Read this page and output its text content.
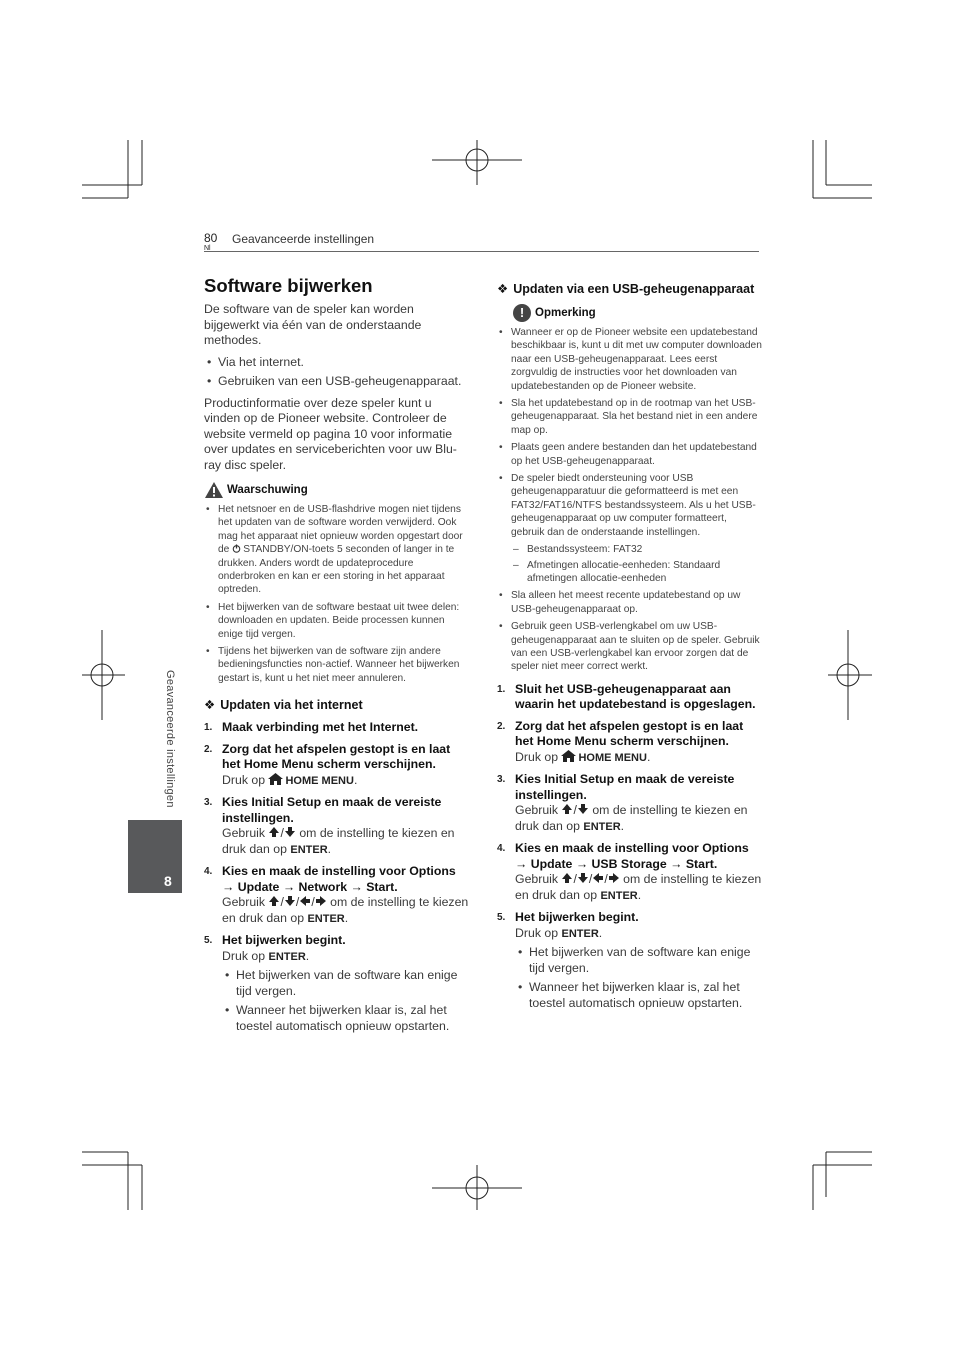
80
Nl
Geavanceerde instellingen
Geavanceerde instellingen
8
Software bijwerken

De software van de speler kan worden bijgewerkt via één van de onderstaande methodes.

• Via het internet.
• Gebruiken van een USB-geheugenapparaat.

Productinformatie over deze speler kunt u vinden op de Pioneer website. Controleer de website vermeld op pagina 10 voor informatie over updates en serviceberichten voor uw Blu-ray disc speler.

Waarschuwing
• Het netsnoer en de USB-flashdrive mogen niet tijdens het updaten van de software worden verwijderd. Ook mag het apparaat niet opnieuw worden opgestart door de STANDBY/ON-toets 5 seconden of langer in te drukken. Anders wordt de updateprocedure onderbroken en kan er een storing in het apparaat optreden.
• Het bijwerken van de software bestaat uit twee delen: downloaden en updaten. Beide processen kunnen enige tijd vergen.
• Tijdens het bijwerken van de software zijn andere bedieningsfuncties non-actief. Wanneer het bijwerken gestart is, kunt u het niet meer annuleren.
❖ Updaten via het internet
1. Maak verbinding met het Internet.
2. Zorg dat het afspelen gestopt is en laat het Home Menu scherm verschijnen.
Druk op HOME MENU.
3. Kies Initial Setup en maak de vereiste instellingen.
Gebruik / om de instelling te kiezen en druk dan op ENTER.
4. Kies en maak de instelling voor Options → Update → Network → Start.
Gebruik / / / om de instelling te kiezen en druk dan op ENTER.
5. Het bijwerken begint.
Druk op ENTER.
• Het bijwerken van de software kan enige tijd vergen.
• Wanneer het bijwerken klaar is, zal het toestel automatisch opnieuw opstarten.
❖ Updaten via een USB-geheugenapparaat
! Opmerking
• Wanneer er op de Pioneer website een updatebestand beschikbaar is, kunt u dit met uw computer downloaden naar een USB-geheugenapparaat. Lees eerst zorgvuldig de instructies voor het downloaden van updatebestanden op de Pioneer website.
• Sla het updatebestand op in de rootmap van het USB-geheugenapparaat. Sla het bestand niet in een andere map op.
• Plaats geen andere bestanden dan het updatebestand op het USB-geheugenapparaat.
• De speler biedt ondersteuning voor USB geheugenapparatuur die geformatteerd is met een FAT32/FAT16/NTFS bestandssysteem. Als u het USB-geheugenapparaat op uw computer formatteert, gebruik dan de onderstaande instellingen.
– Bestandssysteem: FAT32
– Afmetingen allocatie-eenheden: Standaard afmetingen allocatie-eenheden
• Sla alleen het meest recente updatebestand op uw USB-geheugenapparaat op.
• Gebruik geen USB-verlengkabel om uw USB-geheugenapparaat aan te sluiten op de speler. Gebruik van een USB-verlengkabel kan ervoor zorgen dat de speler niet meer correct werkt.
1. Sluit het USB-geheugenapparaat aan waarin het updatebestand is opgeslagen.
2. Zorg dat het afspelen gestopt is en laat het Home Menu scherm verschijnen.
Druk op HOME MENU.
3. Kies Initial Setup en maak de vereiste instellingen.
Gebruik / om de instelling te kiezen en druk dan op ENTER.
4. Kies en maak de instelling voor Options → Update → USB Storage → Start.
Gebruik / / / om de instelling te kiezen en druk dan op ENTER.
5. Het bijwerken begint.
Druk op ENTER.
• Het bijwerken van de software kan enige tijd vergen.
• Wanneer het bijwerken klaar is, zal het toestel automatisch opnieuw opstarten.
